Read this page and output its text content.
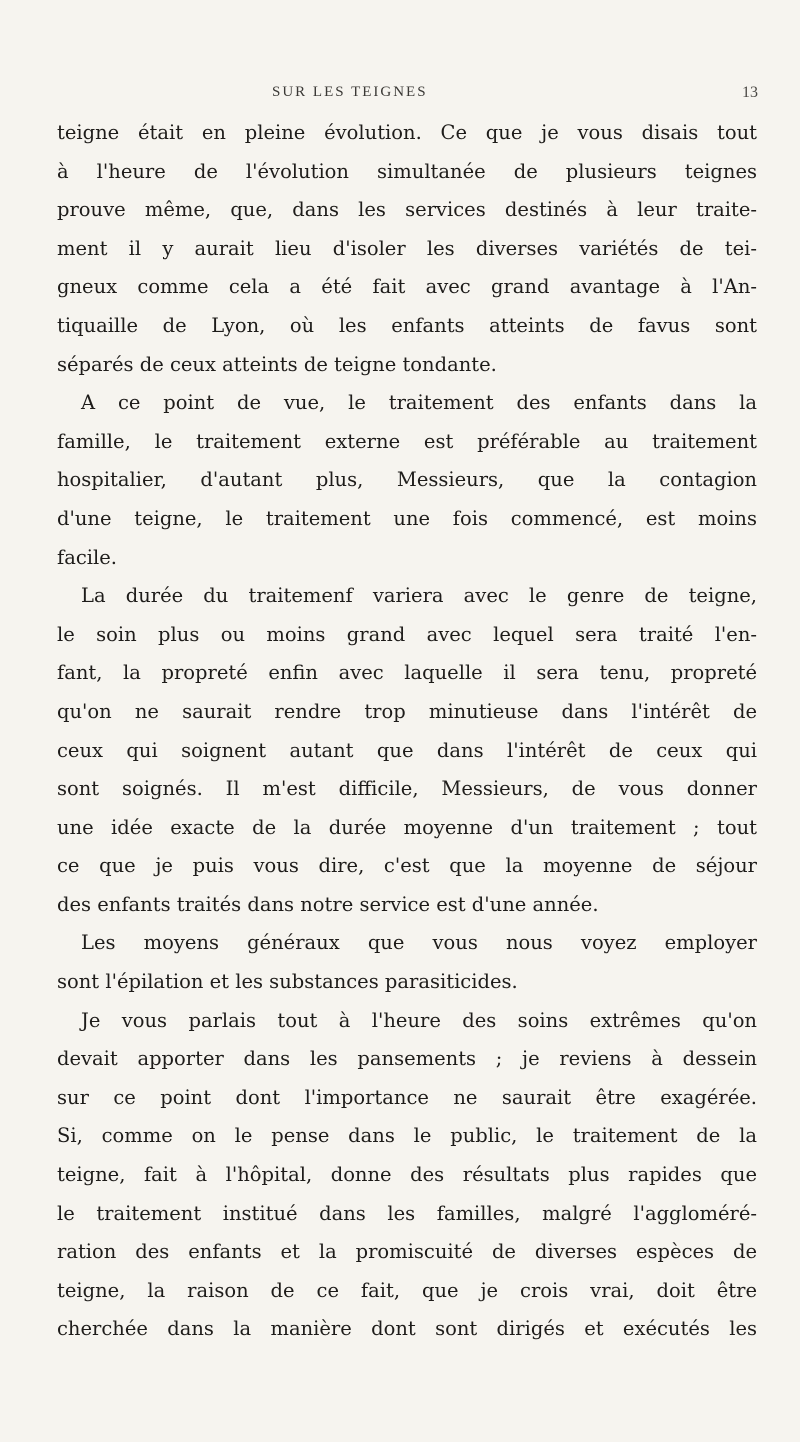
SUR LES TEIGNES	13
teigne était en pleine évolution. Ce que je vous disais tout
à l'heure de l'évolution simultanée de plusieurs teignes
prouve même, que, dans les services destinés à leur traite-
ment il y aurait lieu d'isoler les diverses variétés de tei-
gneux comme cela a été fait avec grand avantage à l'An-
tiquaille de Lyon, où les enfants atteints de favus sont
séparés de ceux atteints de teigne tondante.
A ce point de vue, le traitement des enfants dans la
famille, le traitement externe est préférable au traitement
hospitalier, d'autant plus, Messieurs, que la contagion
d'une teigne, le traitement une fois commencé, est moins
facile.
La durée du traitemenf variera avec le genre de teigne,
le soin plus ou moins grand avec lequel sera traité l'en-
fant, la propreté enfin avec laquelle il sera tenu, propreté
qu'on ne saurait rendre trop minutieuse dans l'intérêt de
ceux qui soignent autant que dans l'intérêt de ceux qui
sont soignés. Il m'est difficile, Messieurs, de vous donner
une idée exacte de la durée moyenne d'un traitement ; tout
ce que je puis vous dire, c'est que la moyenne de séjour
des enfants traités dans notre service est d'une année.
Les moyens généraux que vous nous voyez employer
sont l'épilation et les substances parasiticides.
Je vous parlais tout à l'heure des soins extrêmes qu'on
devait apporter dans les pansements ; je reviens à dessein
sur ce point dont l'importance ne saurait être exagérée.
Si, comme on le pense dans le public, le traitement de la
teigne, fait à l'hôpital, donne des résultats plus rapides que
le traitement institué dans les familles, malgré l'aggloméré-
ration des enfants et la promiscuité de diverses espèces de
teigne, la raison de ce fait, que je crois vrai, doit être
cherchée dans la manière dont sont dirigés et exécutés les
